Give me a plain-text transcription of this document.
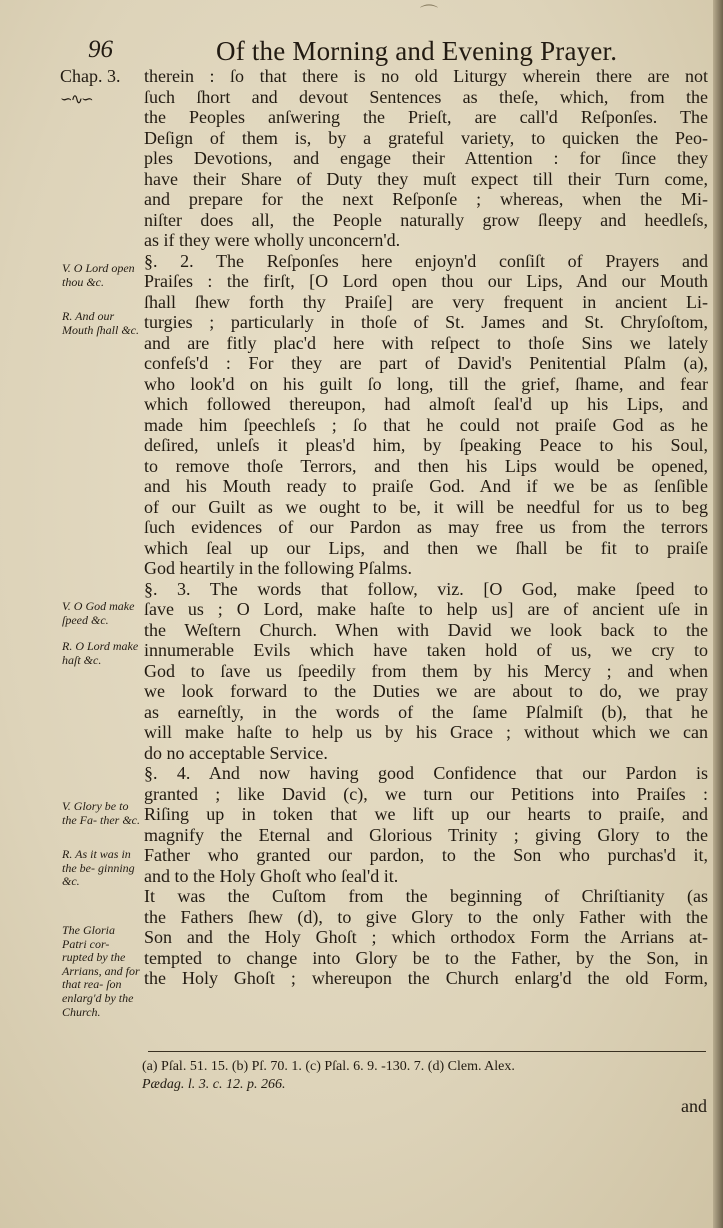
⌒
96	Of the Morning and Evening Prayer.
Chap. 3.
∽∿∽
therein : ſo that there is no old Liturgy wherein there are not
ſuch ſhort and devout Sentences as theſe, which, from the
the Peoples anſwering the Prieſt, are call'd Reſponſes. The
Deſign of them is, by a grateful variety, to quicken the Peo-
ples Devotions, and engage their Attention : for ſince they
have their Share of Duty they muſt expect till their Turn come,
and prepare for the next Reſponſe ; whereas, when the Mi-
niſter does all, the People naturally grow ſleepy and heedleſs,
as if they were wholly unconcern'd.
§. 2. The Reſponſes here enjoyn'd conſiſt of Prayers and
Praiſes : the firſt, [O Lord open thou our Lips, And our Mouth
ſhall ſhew forth thy Praiſe] are very frequent in ancient Li-
turgies ; particularly in thoſe of St. James and St. Chryſoſtom,
and are fitly plac'd here with reſpect to thoſe Sins we lately
confeſs'd : For they are part of David's Penitential Pſalm (a),
who look'd on his guilt ſo long, till the grief, ſhame, and fear
which followed thereupon, had almoſt ſeal'd up his Lips, and
made him ſpeechleſs ; ſo that he could not praiſe God as he
deſired, unleſs it pleas'd him, by ſpeaking Peace to his Soul,
to remove thoſe Terrors, and then his Lips would be opened,
and his Mouth ready to praiſe God. And if we be as ſenſible
of our Guilt as we ought to be, it will be needful for us to beg
ſuch evidences of our Pardon as may free us from the terrors
which ſeal up our Lips, and then we ſhall be fit to praiſe
God heartily in the following Pſalms.
§. 3. The words that follow, viz. [O God, make ſpeed to
ſave us ; O Lord, make haſte to help us] are of ancient uſe in
the Weſtern Church. When with David we look back to the
innumerable Evils which have taken hold of us, we cry to
God to ſave us ſpeedily from them by his Mercy ; and when
we look forward to the Duties we are about to do, we pray
as earneſtly, in the words of the ſame Pſalmiſt (b), that he
will make haſte to help us by his Grace ; without which we can
do no acceptable Service.
§. 4. And now having good Confidence that our Pardon is
granted ; like David (c), we turn our Petitions into Praiſes :
Riſing up in token that we lift up our hearts to praiſe, and
magnify the Eternal and Glorious Trinity ; giving Glory to the
Father who granted our pardon, to the Son who purchas'd it,
and to the Holy Ghoſt who ſeal'd it.
It was the Cuſtom from the beginning of Chriſtianity (as
the Fathers ſhew (d), to give Glory to the only Father with the
Son and the Holy Ghoſt ; which orthodox Form the Arrians at-
tempted to change into Glory be to the Father, by the Son, in
the Holy Ghoſt ; whereupon the Church enlarg'd the old Form,
V. O Lord open thou &c.
R. And our Mouth ſhall &c.
V. O God make ſpeed &c.
R. O Lord make haſt &c.
V. Glory be to the Fa- ther &c.
R. As it was in the be- ginning &c.
The Gloria Patri cor- rupted by the Arrians, and for that rea- ſon enlarg'd by the Church.
(a) Pſal. 51. 15. (b) Pſ. 70. 1. (c) Pſal. 6. 9. -130. 7. (d) Clem. Alex.
Pædag. l. 3. c. 12. p. 266.
and
